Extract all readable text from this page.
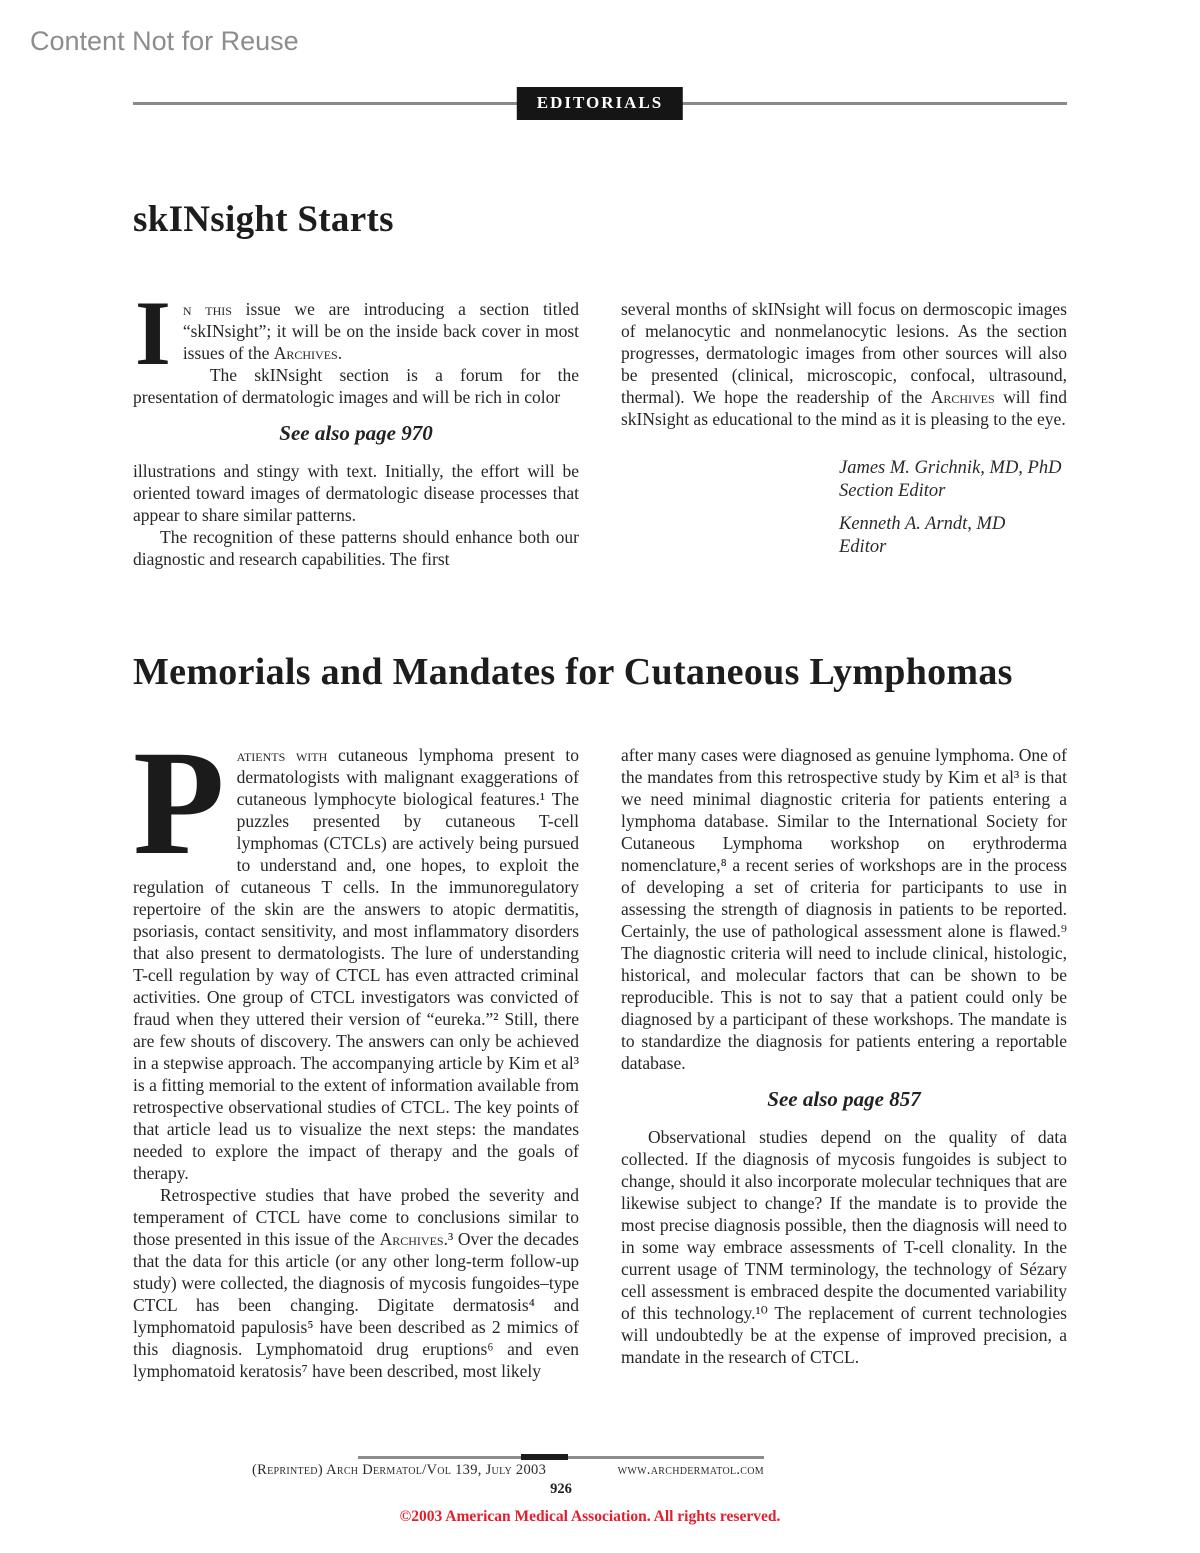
Content Not for Reuse
EDITORIALS
skINsight Starts

In this issue we are introducing a section titled “skINsight”; it will be on the inside back cover in most issues of the Archives.

The skINsight section is a forum for the presentation of dermatologic images and will be rich in color

See also page 970

illustrations and stingy with text. Initially, the effort will be oriented toward images of dermatologic disease processes that appear to share similar patterns.

The recognition of these patterns should enhance both our diagnostic and research capabilities. The first

several months of skINsight will focus on dermoscopic images of melanocytic and nonmelanocytic lesions. As the section progresses, dermatologic images from other sources will also be presented (clinical, microscopic, confocal, ultrasound, thermal). We hope the readership of the Archives will find skINsight as educational to the mind as it is pleasing to the eye.

James M. Grichnik, MD, PhD
Section Editor
Kenneth A. Arndt, MD
Editor
Memorials and Mandates for Cutaneous Lymphomas

Patients with cutaneous lymphoma present to dermatologists with malignant exaggerations of cutaneous lymphocyte biological features.¹ The puzzles presented by cutaneous T-cell lymphomas (CTCLs) are actively being pursued to understand and, one hopes, to exploit the regulation of cutaneous T cells. In the immunoregulatory repertoire of the skin are the answers to atopic dermatitis, psoriasis, contact sensitivity, and most inflammatory disorders that also present to dermatologists. The lure of understanding T-cell regulation by way of CTCL has even attracted criminal activities. One group of CTCL investigators was convicted of fraud when they uttered their version of “eureka.”² Still, there are few shouts of discovery. The answers can only be achieved in a stepwise approach. The accompanying article by Kim et al³ is a fitting memorial to the extent of information available from retrospective observational studies of CTCL. The key points of that article lead us to visualize the next steps: the mandates needed to explore the impact of therapy and the goals of therapy.

Retrospective studies that have probed the severity and temperament of CTCL have come to conclusions similar to those presented in this issue of the Archives.³ Over the decades that the data for this article (or any other long-term follow-up study) were collected, the diagnosis of mycosis fungoides–type CTCL has been changing. Digitate dermatosis⁴ and lymphomatoid papulosis⁵ have been described as 2 mimics of this diagnosis. Lymphomatoid drug eruptions⁶ and even lymphomatoid keratosis⁷ have been described, most likely

after many cases were diagnosed as genuine lymphoma. One of the mandates from this retrospective study by Kim et al³ is that we need minimal diagnostic criteria for patients entering a lymphoma database. Similar to the International Society for Cutaneous Lymphoma workshop on erythroderma nomenclature,⁸ a recent series of workshops are in the process of developing a set of criteria for participants to use in assessing the strength of diagnosis in patients to be reported. Certainly, the use of pathological assessment alone is flawed.⁹ The diagnostic criteria will need to include clinical, histologic, historical, and molecular factors that can be shown to be reproducible. This is not to say that a patient could only be diagnosed by a participant of these workshops. The mandate is to standardize the diagnosis for patients entering a reportable database.

See also page 857

Observational studies depend on the quality of data collected. If the diagnosis of mycosis fungoides is subject to change, should it also incorporate molecular techniques that are likewise subject to change? If the mandate is to provide the most precise diagnosis possible, then the diagnosis will need to in some way embrace assessments of T-cell clonality. In the current usage of TNM terminology, the technology of Sézary cell assessment is embraced despite the documented variability of this technology.¹⁰ The replacement of current technologies will undoubtedly be at the expense of improved precision, a mandate in the research of CTCL.

(Reprinted) Arch Dermatol/Vol 139, July 2003	www.archdermatol.com
926
©2003 American Medical Association. All rights reserved.
